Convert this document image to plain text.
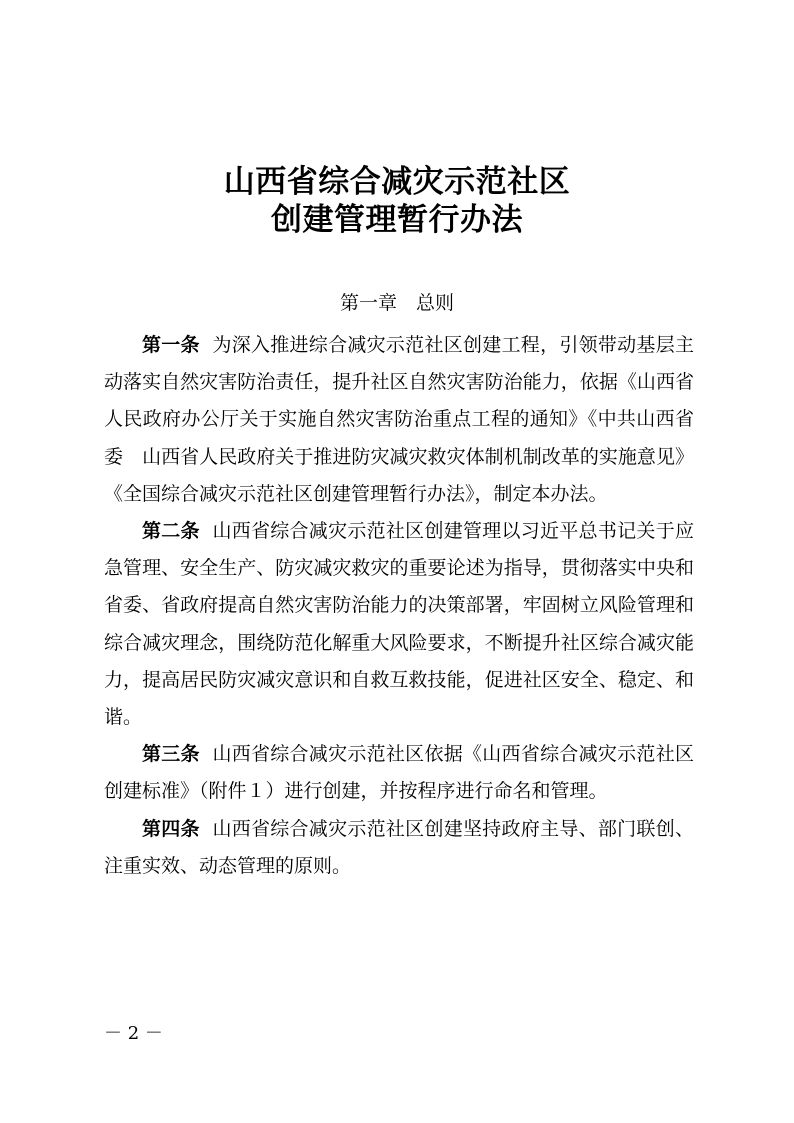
山西省综合减灾示范社区
创建管理暂行办法
第一章　总则

第一条 为深入推进综合减灾示范社区创建工程，引领带动基层主动落实自然灾害防治责任，提升社区自然灾害防治能力，依据《山西省人民政府办公厅关于实施自然灾害防治重点工程的通知》《中共山西省委　山西省人民政府关于推进防灾减灾救灾体制机制改革的实施意见》《全国综合减灾示范社区创建管理暂行办法》，制定本办法。

第二条 山西省综合减灾示范社区创建管理以习近平总书记关于应急管理、安全生产、防灾减灾救灾的重要论述为指导，贯彻落实中央和省委、省政府提高自然灾害防治能力的决策部署，牢固树立风险管理和综合减灾理念，围绕防范化解重大风险要求，不断提升社区综合减灾能力，提高居民防灾减灾意识和自救互救技能，促进社区安全、稳定、和谐。

第三条 山西省综合减灾示范社区依据《山西省综合减灾示范社区创建标准》（附件１）进行创建，并按程序进行命名和管理。

第四条 山西省综合减灾示范社区创建坚持政府主导、部门联创、注重实效、动态管理的原则。

－ 2 －
